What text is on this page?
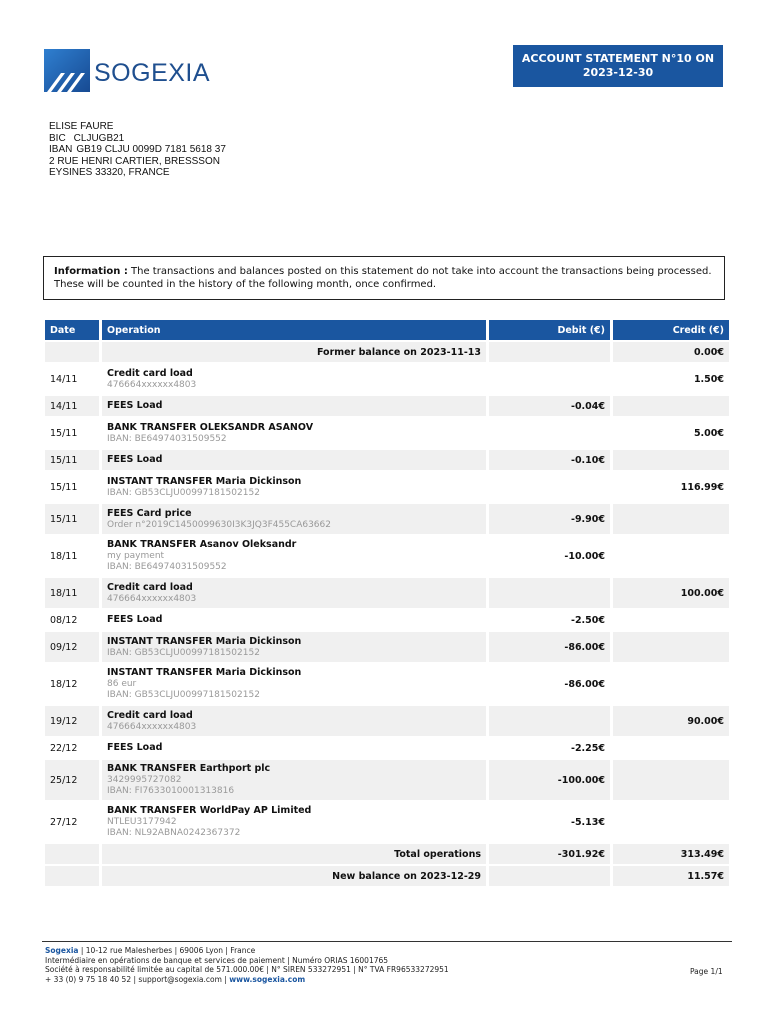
SOGEXIA	ACCOUNT STATEMENT N°10 ON
2023-12-30
ELISE FAURE
BIC CLJUGB21
IBAN GB19 CLJU 0099D 7181 5618 37
2 RUE HENRI CARTIER, BRESSSON
EYSINES 33320, FRANCE
Information : The transactions and balances posted on this statement do not take into account the transactions being processed. These will be counted in the history of the following month, once confirmed.
Date	Operation	Debit (€)	Credit (€)
	Former balance on 2023-11-13		0.00€
14/11	Credit card load
476664xxxxxx4803		1.50€
14/11	FEES Load	-0.04€	
15/11	BANK TRANSFER OLEKSANDR ASANOV
IBAN: BE64974031509552		5.00€
15/11	FEES Load	-0.10€	
15/11	INSTANT TRANSFER Maria Dickinson
IBAN: GB53CLJU00997181502152		116.99€
15/11	FEES Card price
Order n°2019C1450099630I3K3JQ3F455CA63662	-9.90€	
18/11	BANK TRANSFER Asanov Oleksandr
my payment
IBAN: BE64974031509552	-10.00€	
18/11	Credit card load
476664xxxxxx4803		100.00€
08/12	FEES Load	-2.50€	
09/12	INSTANT TRANSFER Maria Dickinson
IBAN: GB53CLJU00997181502152	-86.00€	
18/12	INSTANT TRANSFER Maria Dickinson
86 eur
IBAN: GB53CLJU00997181502152	-86.00€	
19/12	Credit card load
476664xxxxxx4803		90.00€
22/12	FEES Load	-2.25€	
25/12	BANK TRANSFER Earthport plc
3429995727082
IBAN: FI7633010001313816	-100.00€	
27/12	BANK TRANSFER WorldPay AP Limited
NTLEU3177942
IBAN: NL92ABNA0242367372	-5.13€	
	Total operations	-301.92€	313.49€
	New balance on 2023-12-29		11.57€
Sogexia | 10-12 rue Malesherbes | 69006 Lyon | France
Intermédiaire en opérations de banque et services de paiement | Numéro ORIAS 16001765
Société à responsabilité limitée au capital de 571.000.00€ | N° SIREN 533272951 | N° TVA FR96533272951
+ 33 (0) 9 75 18 40 52 | support@sogexia.com | www.sogexia.com
Page 1/1
